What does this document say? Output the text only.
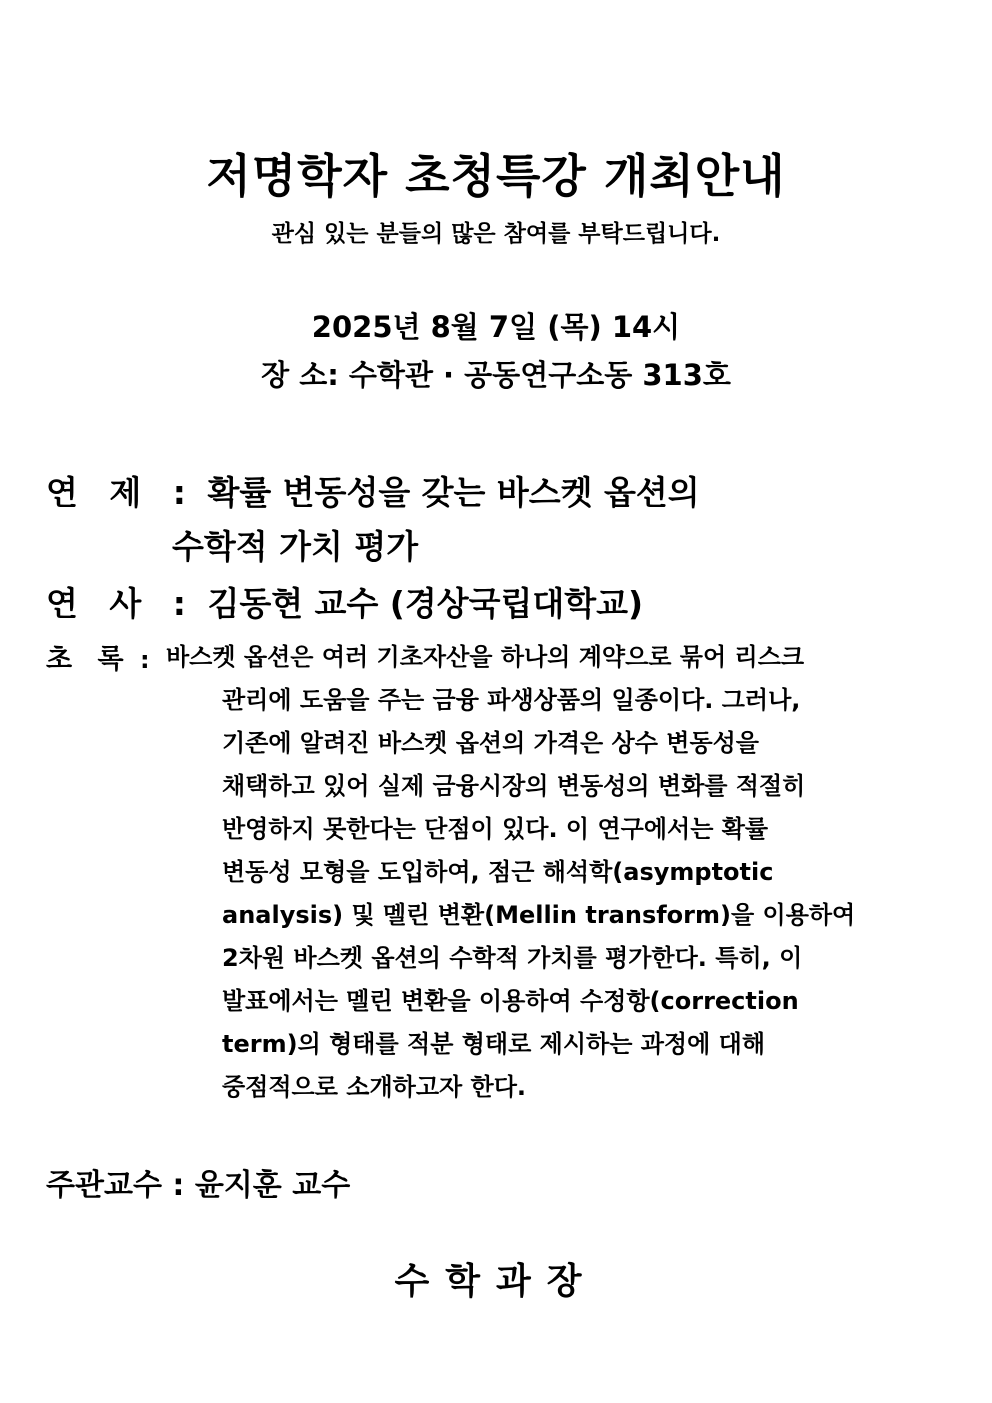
저명학자 초청특강 개최안내
관심 있는 분들의 많은 참여를 부탁드립니다.
2025년 8월 7일 (목) 14시
장 소: 수학관 · 공동연구소동 313호
연 제 : 확률 변동성을 갖는 바스켓 옵션의
수학적 가치 평가
연 사 : 김동현 교수 (경상국립대학교)
초 록 : 바스켓 옵션은 여러 기초자산을 하나의 계약으로 묶어 리스크
관리에 도움을 주는 금융 파생상품의 일종이다. 그러나,
기존에 알려진 바스켓 옵션의 가격은 상수 변동성을
채택하고 있어 실제 금융시장의 변동성의 변화를 적절히
반영하지 못한다는 단점이 있다. 이 연구에서는 확률
변동성 모형을 도입하여, 점근 해석학(asymptotic
analysis) 및 멜린 변환(Mellin transform)을 이용하여
2차원 바스켓 옵션의 수학적 가치를 평가한다. 특히, 이
발표에서는 멜린 변환을 이용하여 수정항(correction
term)의 형태를 적분 형태로 제시하는 과정에 대해
중점적으로 소개하고자 한다.
주관교수 : 윤지훈 교수
수학과장
